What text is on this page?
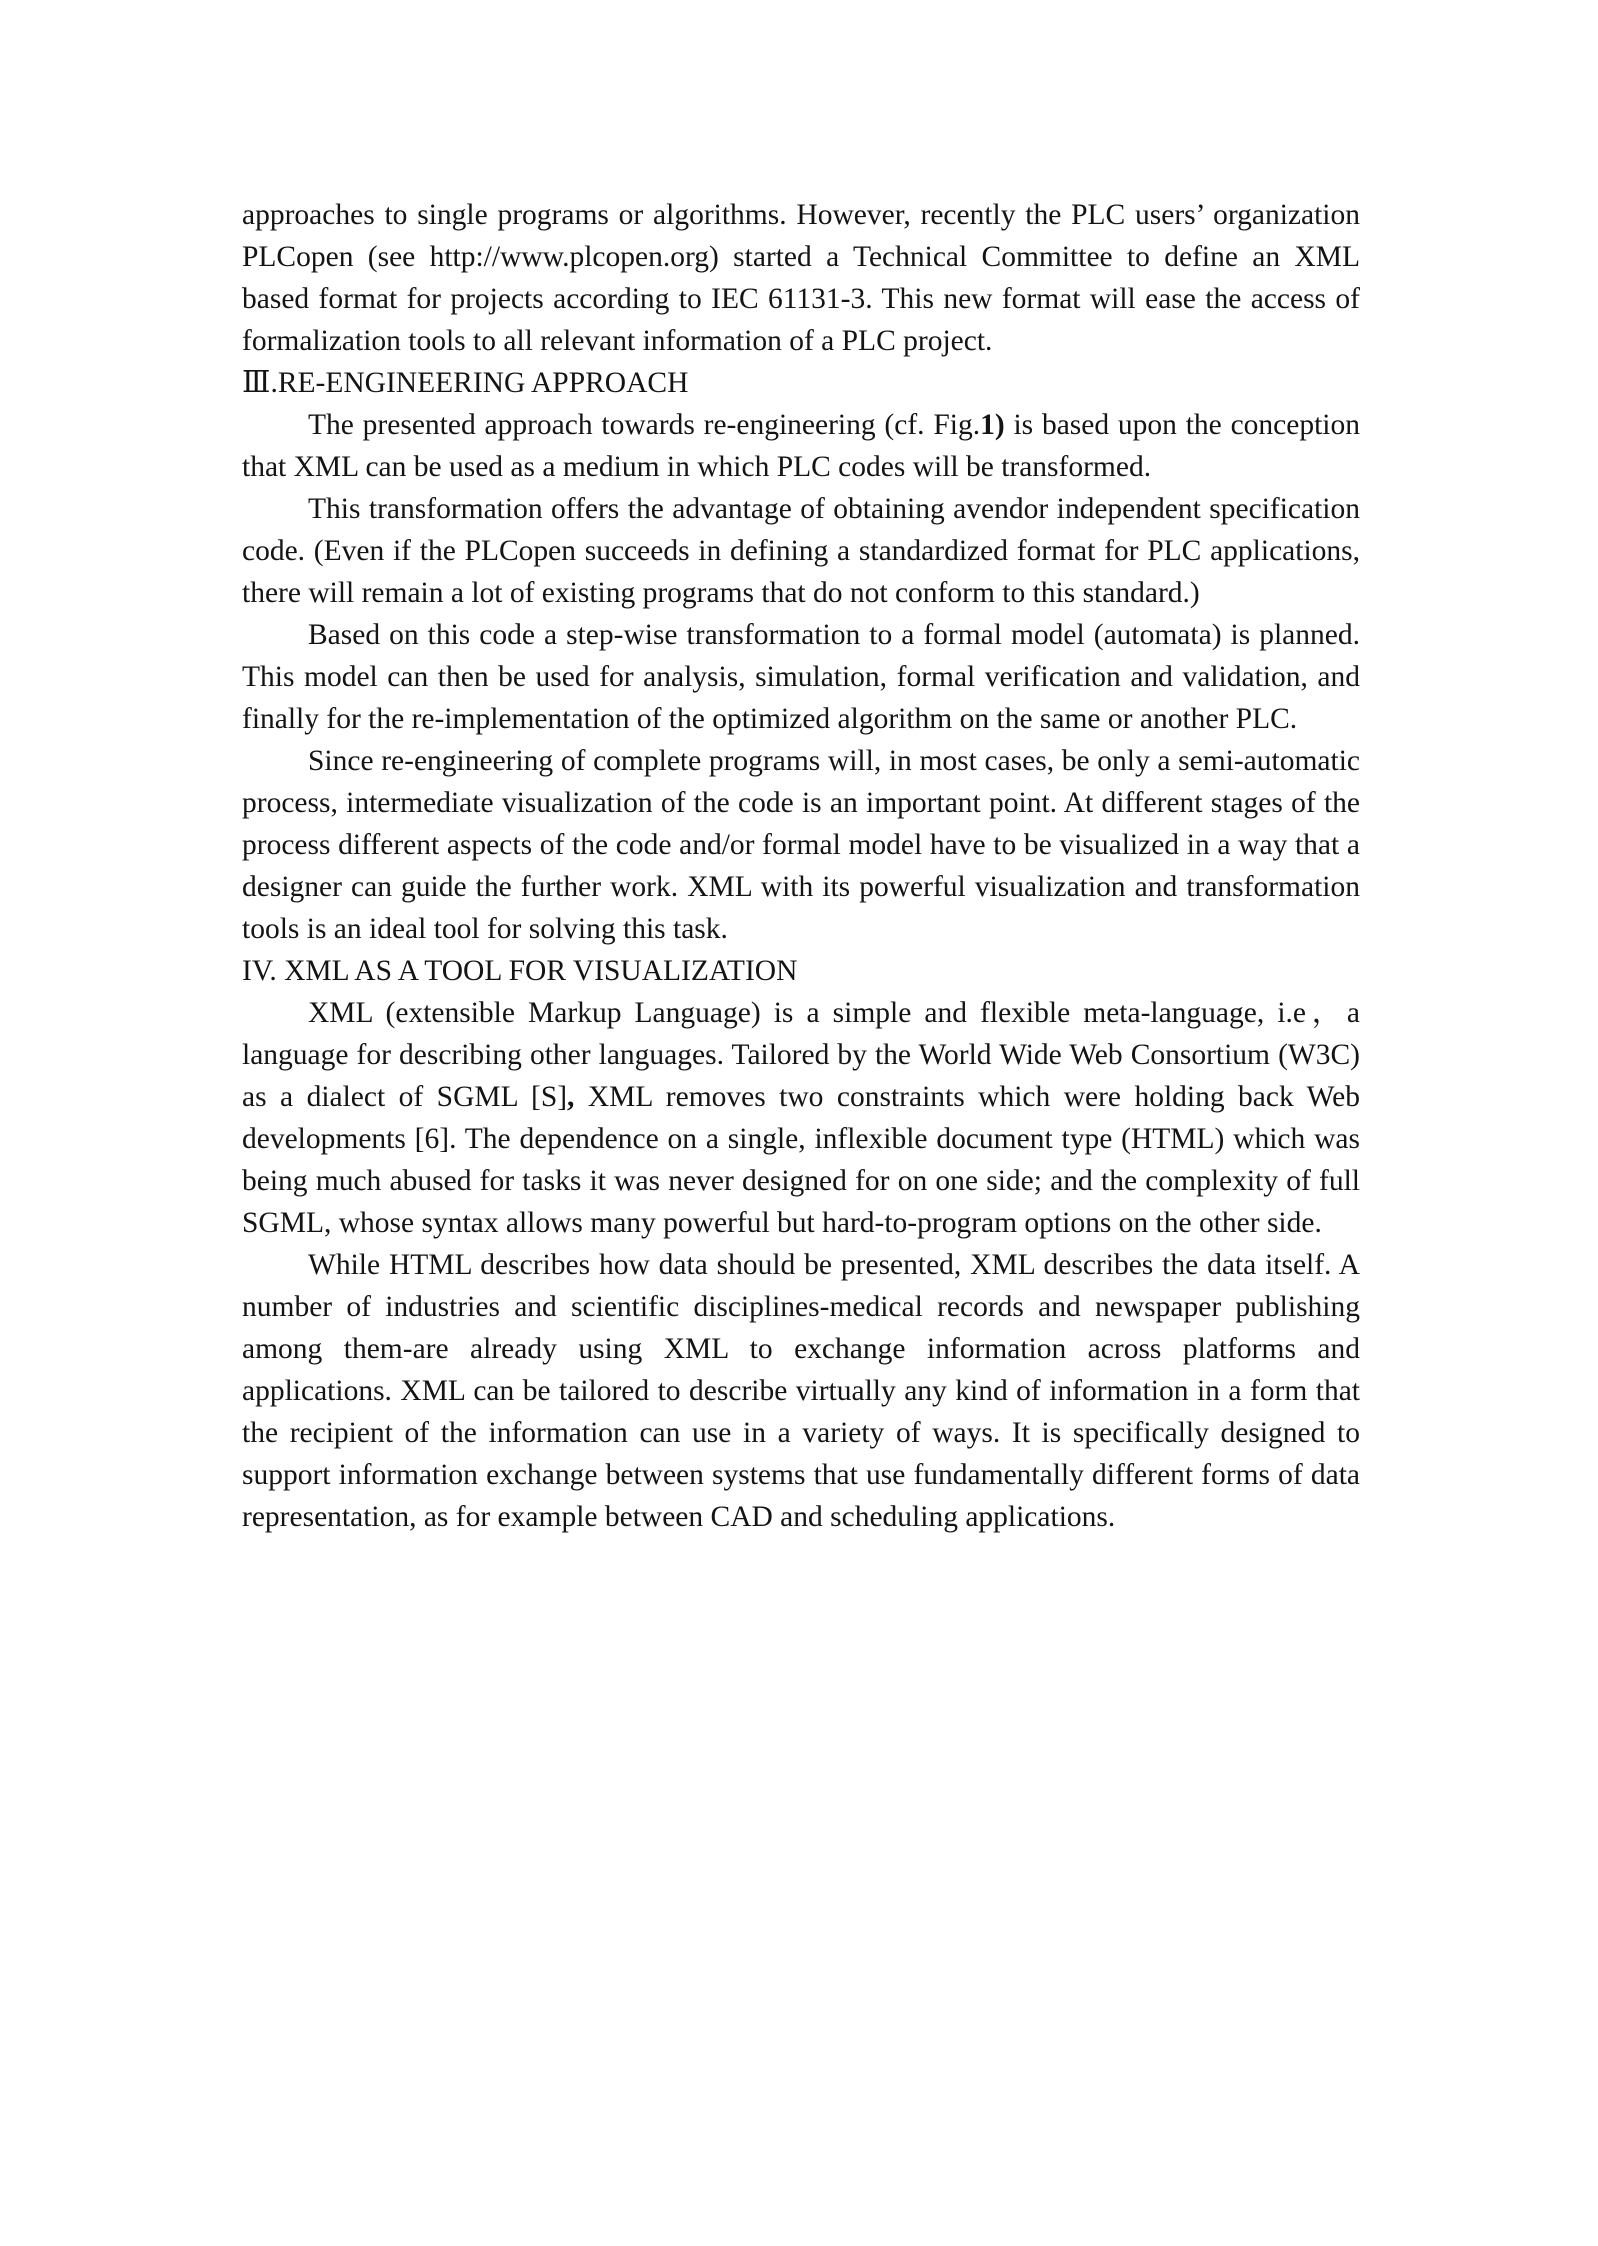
approaches to single programs or algorithms. However, recently the PLC users’ organization PLCopen (see http://www.plcopen.org) started a Technical Committee to define an XML based format for projects according to IEC 61131-3. This new format will ease the access of formalization tools to all relevant information of a PLC project.

Ⅲ.RE-ENGINEERING APPROACH

The presented approach towards re-engineering (cf. Fig.1) is based upon the conception that XML can be used as a medium in which PLC codes will be transformed.

This transformation offers the advantage of obtaining avendor independent specification code. (Even if the PLCopen succeeds in defining a standardized format for PLC applications, there will remain a lot of existing programs that do not conform to this standard.)

Based on this code a step-wise transformation to a formal model (automata) is planned. This model can then be used for analysis, simulation, formal verification and validation, and finally for the re-implementation of the optimized algorithm on the same or another PLC.

Since re-engineering of complete programs will, in most cases, be only a semi-automatic process, intermediate visualization of the code is an important point. At different stages of the process different aspects of the code and/or formal model have to be visualized in a way that a designer can guide the further work. XML with its powerful visualization and transformation tools is an ideal tool for solving this task.

IV. XML AS A TOOL FOR VISUALIZATION

XML (extensible Markup Language) is a simple and flexible meta-language, i.e，a language for describing other languages. Tailored by the World Wide Web Consortium (W3C) as a dialect of SGML [S], XML removes two constraints which were holding back Web developments [6]. The dependence on a single, inflexible document type (HTML) which was being much abused for tasks it was never designed for on one side; and the complexity of full SGML, whose syntax allows many powerful but hard-to-program options on the other side.

While HTML describes how data should be presented, XML describes the data itself. A number of industries and scientific disciplines-medical records and newspaper publishing among them-are already using XML to exchange information across platforms and applications. XML can be tailored to describe virtually any kind of information in a form that the recipient of the information can use in a variety of ways. It is specifically designed to support information exchange between systems that use fundamentally different forms of data representation, as for example between CAD and scheduling applications.
